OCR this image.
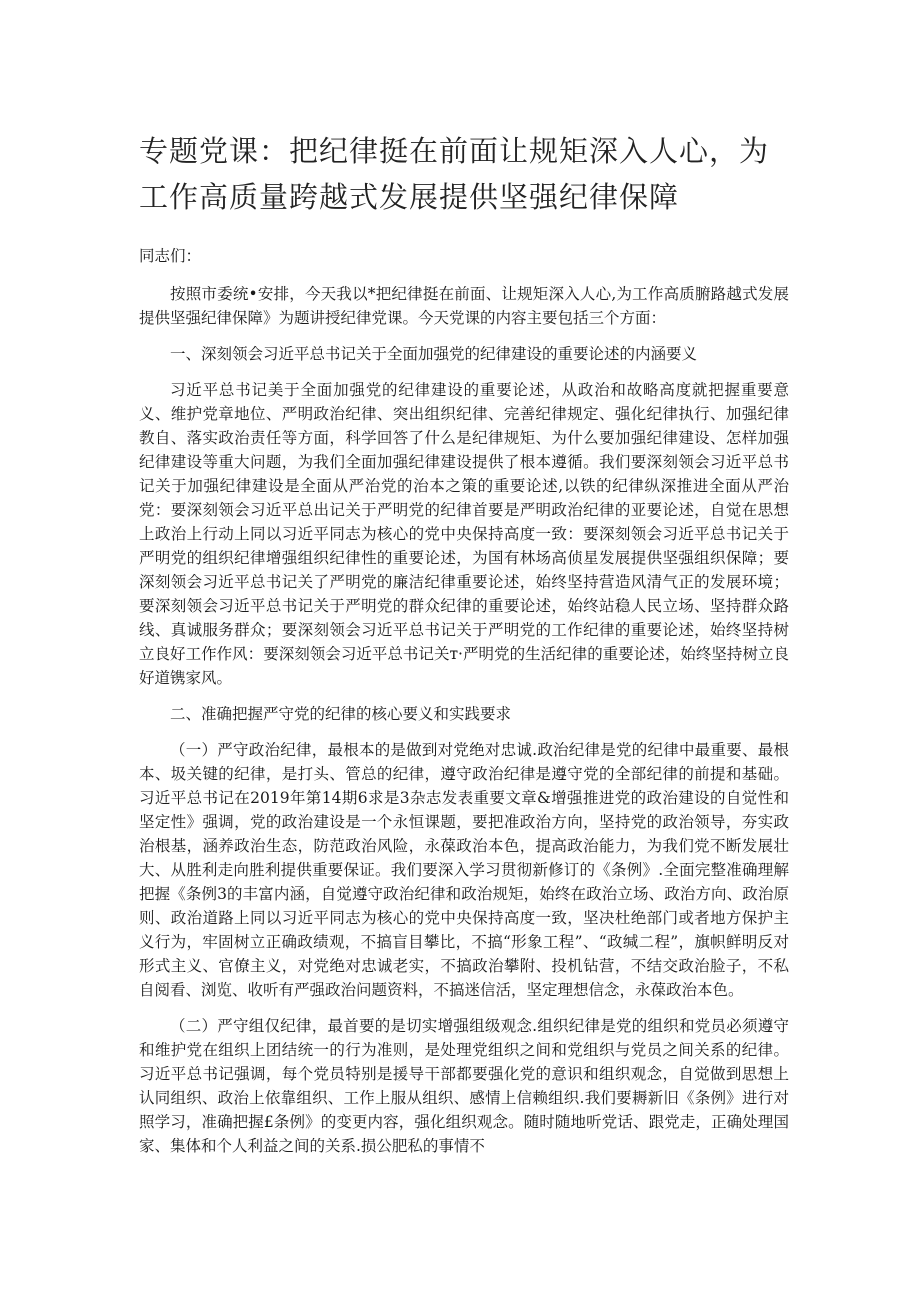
专题党课：把纪律挺在前面让规矩深入人心，为工作高质量跨越式发展提供坚强纪律保障
同志们：

按照市委统•安排，今天我以*把纪律挺在前面、让规矩深入人心,为工作高质腑路越式发展提供坚强纪律保障》为题讲授纪律党课。今天党课的内容主要包括三个方面：

一、深刻领会习近平总书记关于全面加强党的纪律建设的重要论述的内涵要义

习近平总书记美于全面加强党的纪律建设的重要论述，从政治和故略高度就把握重要意义、维护党章地位、严明政治纪律、突出组织纪律、完善纪律规定、强化纪律执行、加强纪律教自、落实政治责任等方面，科学回答了什么是纪律规矩、为什么要加强纪律建设、怎样加强纪律建设等重大问题，为我们全面加强纪律建设提供了根本遵循。我们要深刻领会习近平总书记关于加强纪律建设是全面从严治党的治本之策的重要论述,以铁的纪律纵深推进全面从严治党：要深刻领会习近平总出记关于严明党的纪律首要是严明政治纪律的亚要论述，自觉在思想上政治上行动上同以习近平同志为核心的党中央保持高度一致：要深刻领会习近平总书记关于严明党的组织纪律增强组织纪律性的重要论述，为国有林场高侦星发展提供坚强组织保障；要深刻领会习近平总书记关了严明党的廉洁纪律重要论述，始终坚持营造风清气正的发展环境；要深刻领会习近平总书记关于严明党的群众纪律的重要论述，始终站稳人民立场、坚持群众路线、真诚服务群众；要深刻领会习近平总书记关于严明党的工作纪律的重要论述，始终坚持树立良好工作作风：要深刻领会习近平总书记关т·严明党的生活纪律的重要论述，始终坚持树立良好道镌家风。

二、准确把握严守党的纪律的核心要义和实践要求

（一）严守政治纪律，最根本的是做到对党绝对忠诚.政治纪律是党的纪律中最重要、最根本、圾关键的纪律，是打头、管总的纪律，遵守政治纪律是遵守党的全部纪律的前提和基础。习近平总书记在2019年第14期6求是3杂志发表重要文章&增强推进党的政治建设的自觉性和坚定性》强调，党的政治建设是一个永恒课题，要把准政治方向，坚持党的政治领导，夯实政治根基，涵养政治生态，防范政治风险，永葆政治本色，提高政治能力，为我们党不断发展壮大、从胜利走向胜利提供重要保证。我们要深入学习贯彻新修订的《条例》.全面完整准确理解把握《条例3的丰富内涵，自觉遵守政治纪律和政治规矩，始终在政治立场、政治方向、政治原则、政治道路上同以习近平同志为核心的党中央保持高度一致，坚决杜绝部门或者地方保护主义行为，牢固树立正确政绩观，不搞盲目攀比，不搞“形象工程”、“政缄二程”，旗帜鲜明反对形式主义、官僚主义，对党绝对忠诚老实，不搞政治攀附、投机钻营，不结交政治脸子，不私自阅看、浏览、收听有严强政治问题资料，不搞迷信活，坚定理想信念，永葆政治本色。

（二）严守组仅纪律，最首要的是切实增强组级观念.组织纪律是党的组织和党员必须遵守和维护党在组织上团结统一的行为准则，是处理党组织之间和党组织与党员之间关系的纪律。习近平总书记强调，每个党员特别是援导干部都要强化党的意识和组织观念，自觉做到思想上认同组织、政治上依靠组织、工作上服从组织、感情上信赖组织.我们要耨新旧《条例》进行对照学习，准确把握£条例》的变更内容，强化组织观念。随时随地听党话、跟党走，正确处理国家、集体和个人利益之间的关系.损公肥私的事情不
